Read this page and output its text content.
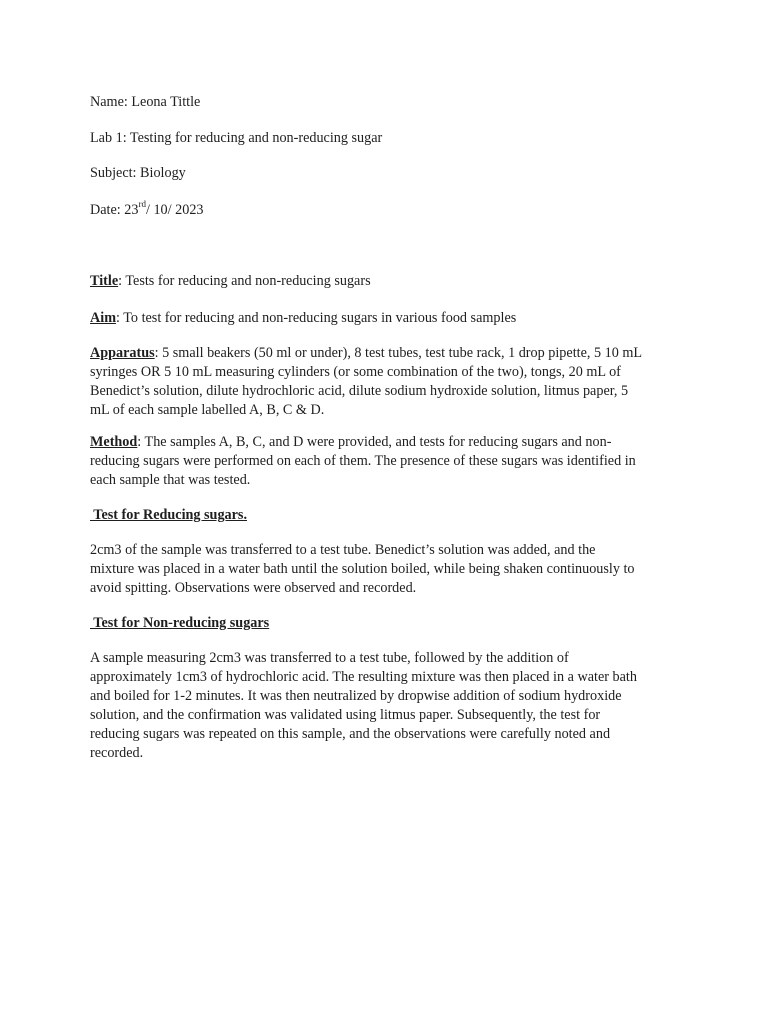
Name: Leona Tittle
Lab 1: Testing for reducing and non-reducing sugar
Subject: Biology
Date: 23rd/ 10/ 2023
Title: Tests for reducing and non-reducing sugars
Aim: To test for reducing and non-reducing sugars in various food samples
Apparatus: 5 small beakers (50 ml or under), 8 test tubes, test tube rack, 1 drop pipette, 5 10 mL
syringes OR 5 10 mL measuring cylinders (or some combination of the two), tongs, 20 mL of
Benedict’s solution, dilute hydrochloric acid, dilute sodium hydroxide solution, litmus paper, 5
mL of each sample labelled A, B, C & D.
Method: The samples A, B, C, and D were provided, and tests for reducing sugars and non-
reducing sugars were performed on each of them. The presence of these sugars was identified in
each sample that was tested.
Test for Reducing sugars.
2cm3 of the sample was transferred to a test tube. Benedict’s solution was added, and the
mixture was placed in a water bath until the solution boiled, while being shaken continuously to
avoid spitting. Observations were observed and recorded.
Test for Non-reducing sugars
A sample measuring 2cm3 was transferred to a test tube, followed by the addition of
approximately 1cm3 of hydrochloric acid. The resulting mixture was then placed in a water bath
and boiled for 1-2 minutes. It was then neutralized by dropwise addition of sodium hydroxide
solution, and the confirmation was validated using litmus paper. Subsequently, the test for
reducing sugars was repeated on this sample, and the observations were carefully noted and
recorded.
